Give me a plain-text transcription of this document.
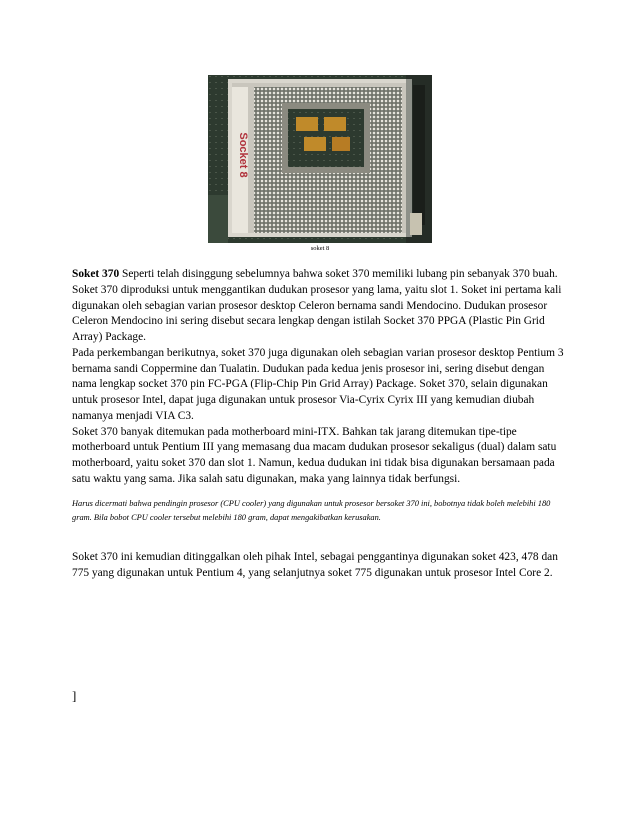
Socket 8
soket 8

Soket 370 Seperti telah disinggung sebelumnya bahwa soket 370 memiliki lubang pin sebanyak 370 buah. Soket 370 diproduksi untuk menggantikan dudukan prosesor yang lama, yaitu slot 1. Soket ini pertama kali digunakan oleh sebagian varian prosesor desktop Celeron bernama sandi Mendocino. Dudukan prosesor Celeron Mendocino ini sering disebut secara lengkap dengan istilah Socket 370 PPGA (Plastic Pin Grid Array) Package.

Pada perkembangan berikutnya, soket 370 juga digunakan oleh sebagian varian prosesor desktop Pentium 3 bernama sandi Coppermine dan Tualatin. Dudukan pada kedua jenis prosesor ini, sering disebut dengan nama lengkap socket 370 pin FC-PGA (Flip-Chip Pin Grid Array) Package. Soket 370, selain digunakan untuk prosesor Intel, dapat juga digunakan untuk prosesor Via-Cyrix Cyrix III yang kemudian diubah namanya menjadi VIA C3.

Soket 370 banyak ditemukan pada motherboard mini-ITX. Bahkan tak jarang ditemukan tipe-tipe motherboard untuk Pentium III yang memasang dua macam dudukan prosesor sekaligus (dual) dalam satu motherboard, yaitu soket 370 dan slot 1. Namun, kedua dudukan ini tidak bisa digunakan bersamaan pada satu waktu yang sama. Jika salah satu digunakan, maka yang lainnya tidak berfungsi.

Harus dicermati bahwa pendingin prosesor (CPU cooler) yang digunakan untuk prosesor bersoket 370 ini, bobotnya tidak boleh melebihi 180 gram. Bila bobot CPU cooler tersebut melebihi 180 gram, dapat mengakibatkan kerusakan.

Soket 370 ini kemudian ditinggalkan oleh pihak Intel, sebagai penggantinya digunakan soket 423, 478 dan 775 yang digunakan untuk Pentium 4, yang selanjutnya soket 775 digunakan untuk prosesor Intel Core 2.

]
